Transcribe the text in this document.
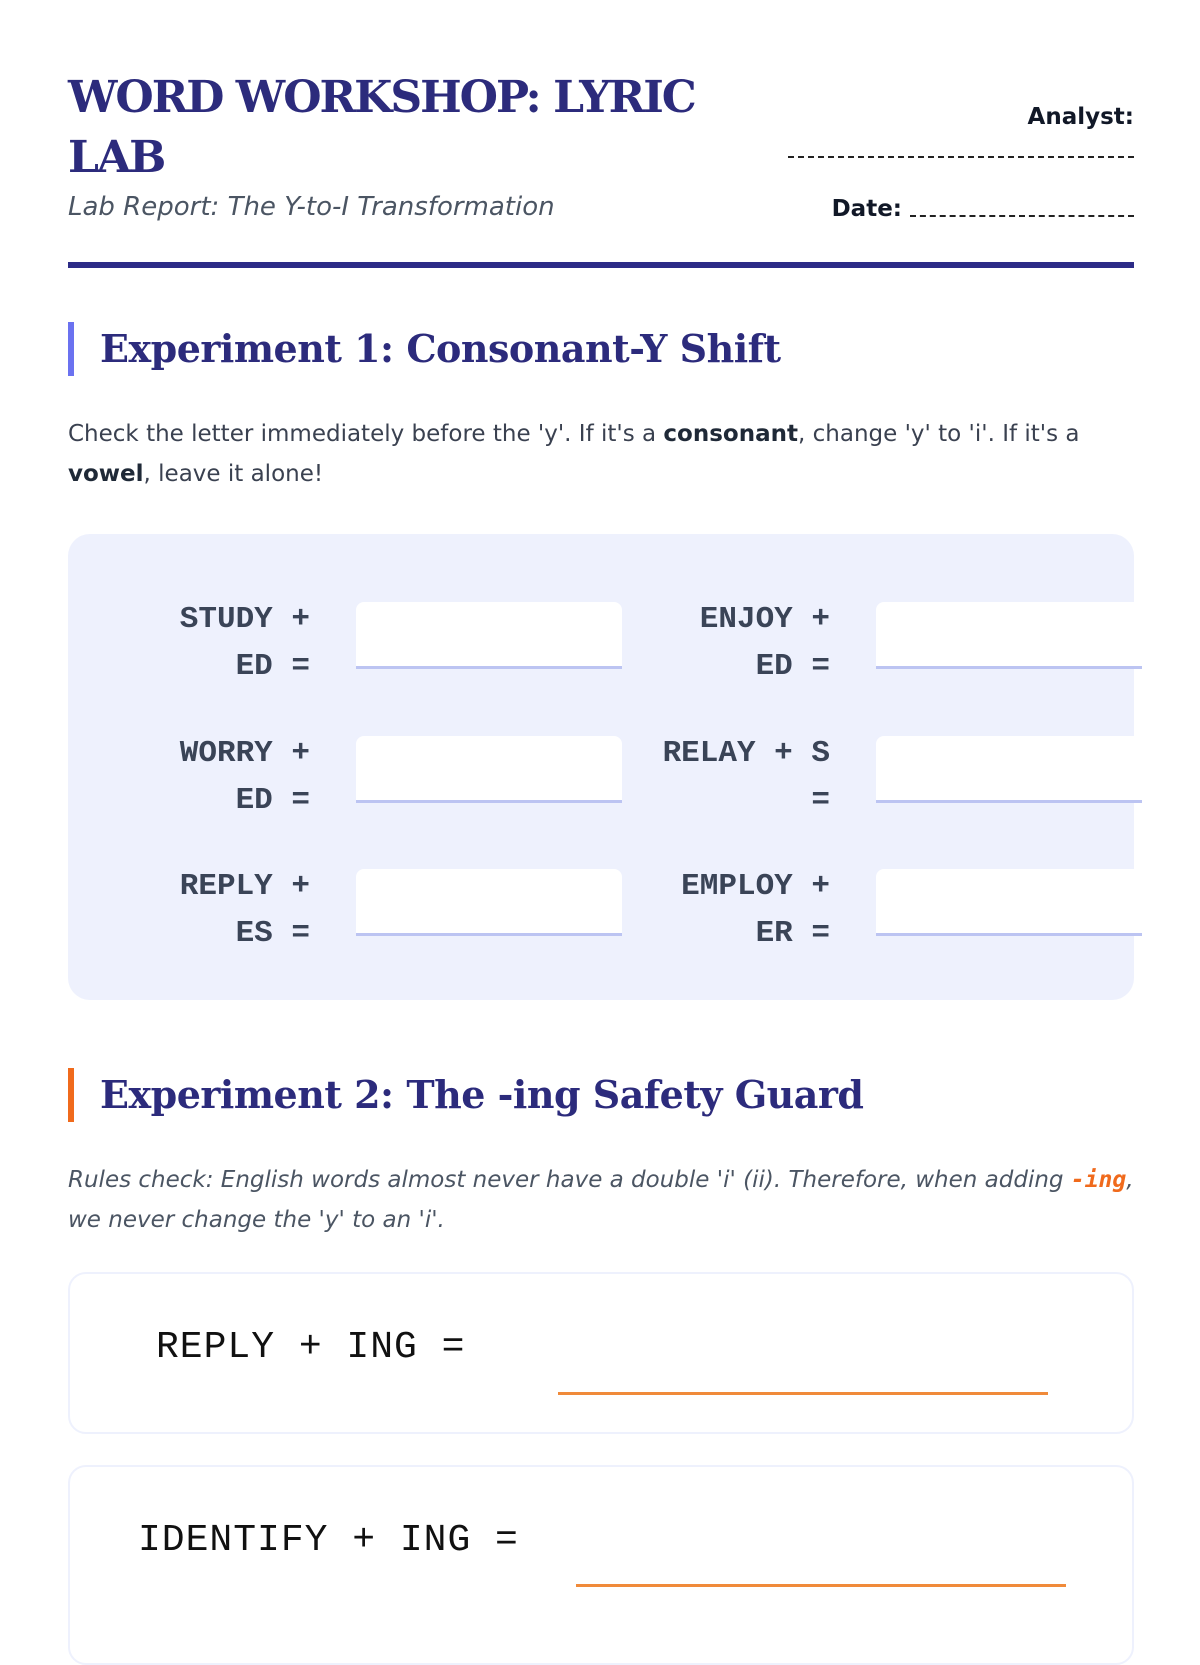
WORD WORKSHOP: LYRIC LAB
Lab Report: The Y-to-I Transformation
Analyst:
Date:
Experiment 1: Consonant-Y Shift
Check the letter immediately before the 'y'. If it's a consonant, change 'y' to 'i'. If it's a vowel, leave it alone!
STUDY + ED =
ENJOY + ED =
WORRY + ED =
RELAY + S =
REPLY + ES =
EMPLOY + ER =
Experiment 2: The -ing Safety Guard
Rules check: English words almost never have a double 'i' (ii). Therefore, when adding -ing, we never change the 'y' to an 'i'.
REPLY + ING =
IDENTIFY + ING =
